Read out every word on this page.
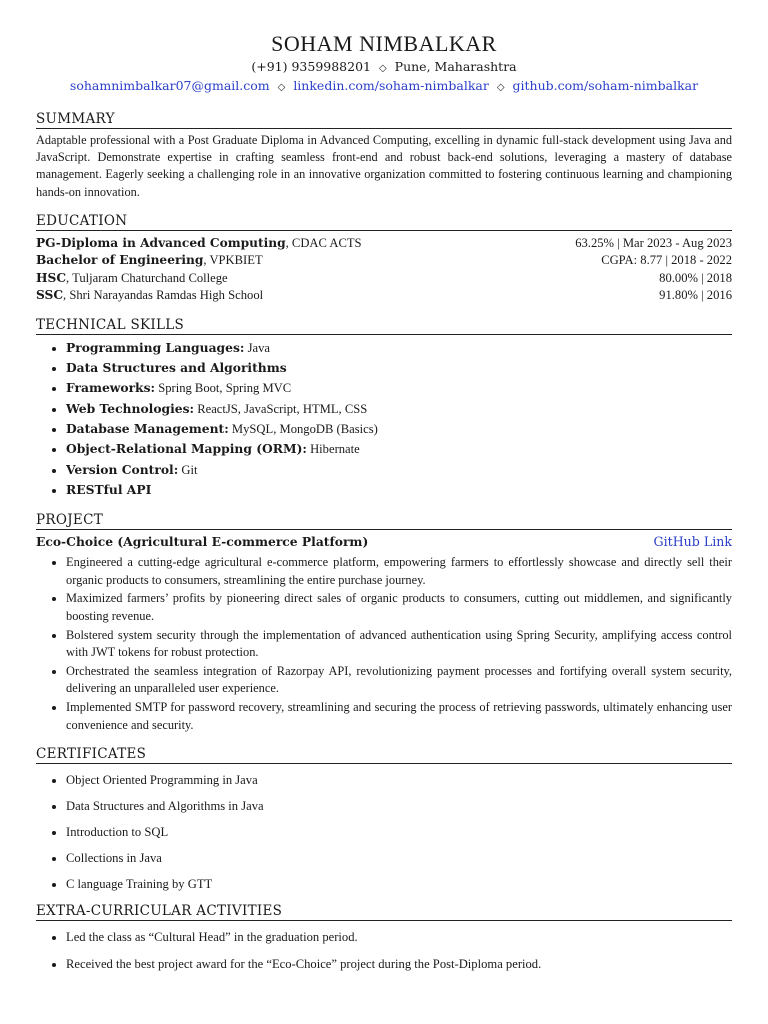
SOHAM NIMBALKAR
(+91) 9359988201 ◇ Pune, Maharashtra
sohamnimbalkar07@gmail.com ◇ linkedin.com/soham-nimbalkar ◇ github.com/soham-nimbalkar
SUMMARY
Adaptable professional with a Post Graduate Diploma in Advanced Computing, excelling in dynamic full-stack development using Java and JavaScript. Demonstrate expertise in crafting seamless front-end and robust back-end solutions, leveraging a mastery of database management. Eagerly seeking a challenging role in an innovative organization committed to fostering continuous learning and championing hands-on innovation.
EDUCATION
PG-Diploma in Advanced Computing, CDAC ACTS	63.25% | Mar 2023 - Aug 2023
Bachelor of Engineering, VPKBIET	CGPA: 8.77 | 2018 - 2022
HSC, Tuljaram Chaturchand College	80.00% | 2018
SSC, Shri Narayandas Ramdas High School	91.80% | 2016
TECHNICAL SKILLS
• Programming Languages: Java
• Data Structures and Algorithms
• Frameworks: Spring Boot, Spring MVC
• Web Technologies: ReactJS, JavaScript, HTML, CSS
• Database Management: MySQL, MongoDB (Basics)
• Object-Relational Mapping (ORM): Hibernate
• Version Control: Git
• RESTful API
PROJECT
Eco-Choice (Agricultural E-commerce Platform)	GitHub Link
• Engineered a cutting-edge agricultural e-commerce platform, empowering farmers to effortlessly showcase and directly sell their organic products to consumers, streamlining the entire purchase journey.
• Maximized farmers’ profits by pioneering direct sales of organic products to consumers, cutting out middlemen, and significantly boosting revenue.
• Bolstered system security through the implementation of advanced authentication using Spring Security, amplifying access control with JWT tokens for robust protection.
• Orchestrated the seamless integration of Razorpay API, revolutionizing payment processes and fortifying overall system security, delivering an unparalleled user experience.
• Implemented SMTP for password recovery, streamlining and securing the process of retrieving passwords, ultimately enhancing user convenience and security.
CERTIFICATES
• Object Oriented Programming in Java
• Data Structures and Algorithms in Java
• Introduction to SQL
• Collections in Java
• C language Training by GTT
EXTRA-CURRICULAR ACTIVITIES
• Led the class as “Cultural Head” in the graduation period.
• Received the best project award for the “Eco-Choice” project during the Post-Diploma period.
